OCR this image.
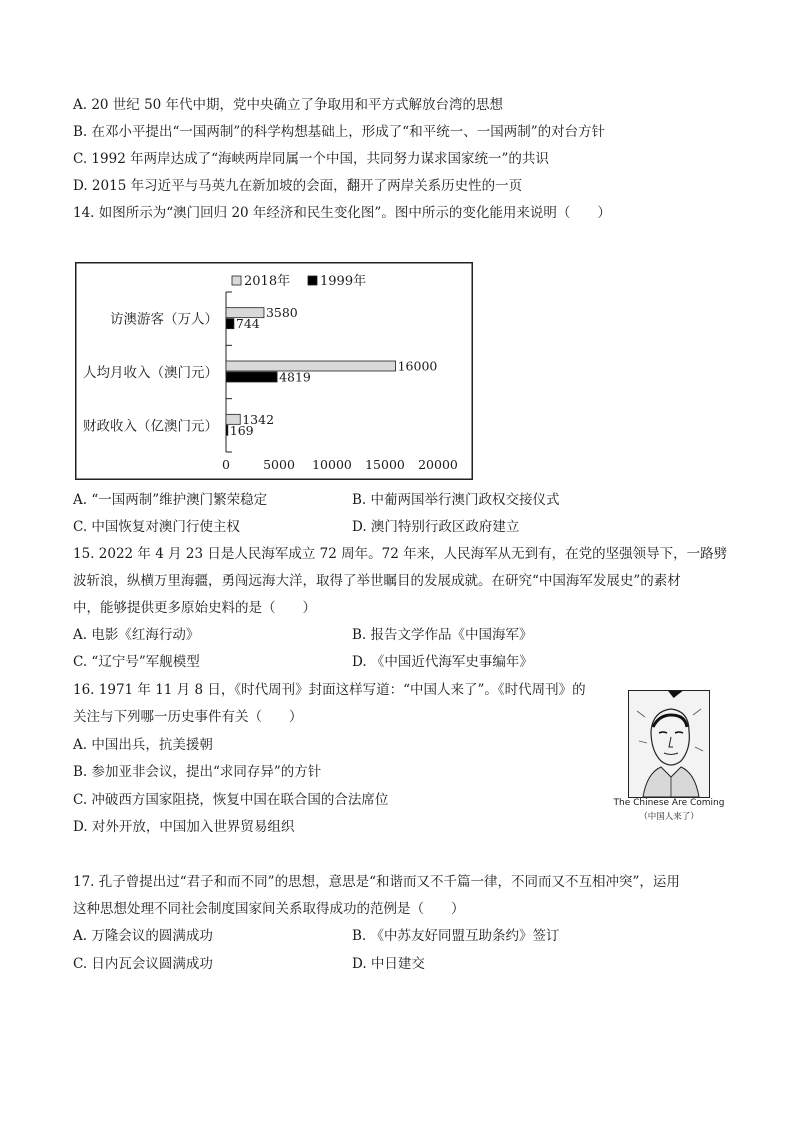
A. 20 世纪 50 年代中期，党中央确立了争取用和平方式解放台湾的思想
B. 在邓小平提出“一国两制”的科学构想基础上，形成了“和平统一、一国两制”的对台方针
C. 1992 年两岸达成了“海峡两岸同属一个中国，共同努力谋求国家统一”的共识
D. 2015 年习近平与马英九在新加坡的会面，翻开了两岸关系历史性的一页
14. 如图所示为“澳门回归 20 年经济和民生变化图”。图中所示的变化能用来说明（　　）
2018年 1999年
0	5000 10000 15000 20000
访澳游客（万人）	3580
744
人均月收入（澳门元）	16000
4819
财政收入（亿澳门元） 1342
169
A. “一国两制”维护澳门繁荣稳定	B. 中葡两国举行澳门政权交接仪式
C. 中国恢复对澳门行使主权	D. 澳门特别行政区政府建立
15. 2022 年 4 月 23 日是人民海军成立 72 周年。72 年来，人民海军从无到有，在党的坚强领导下，一路劈
波斩浪，纵横万里海疆，勇闯远海大洋，取得了举世瞩目的发展成就。在研究“中国海军发展史”的素材
中，能够提供更多原始史料的是（　　）
A. 电影《红海行动》	B. 报告文学作品《中国海军》
C. “辽宁号”军舰模型	D. 《中国近代海军史事编年》
16. 1971 年 11 月 8 日，《时代周刊》封面这样写道：“中国人来了”。《时代周刊》的
关注与下列哪一历史事件有关（　　）
A. 中国出兵，抗美援朝
B. 参加亚非会议，提出“求同存异”的方针
C. 冲破西方国家阻挠，恢复中国在联合国的合法席位
D. 对外开放，中国加入世界贸易组织
The Chinese Are Coming
（中国人来了）
17. 孔子曾提出过“君子和而不同”的思想，意思是“和谐而又不千篇一律，不同而又不互相冲突”，运用
这种思想处理不同社会制度国家间关系取得成功的范例是（　　）
A. 万隆会议的圆满成功	B. 《中苏友好同盟互助条约》签订
C. 日内瓦会议圆满成功	D. 中日建交
